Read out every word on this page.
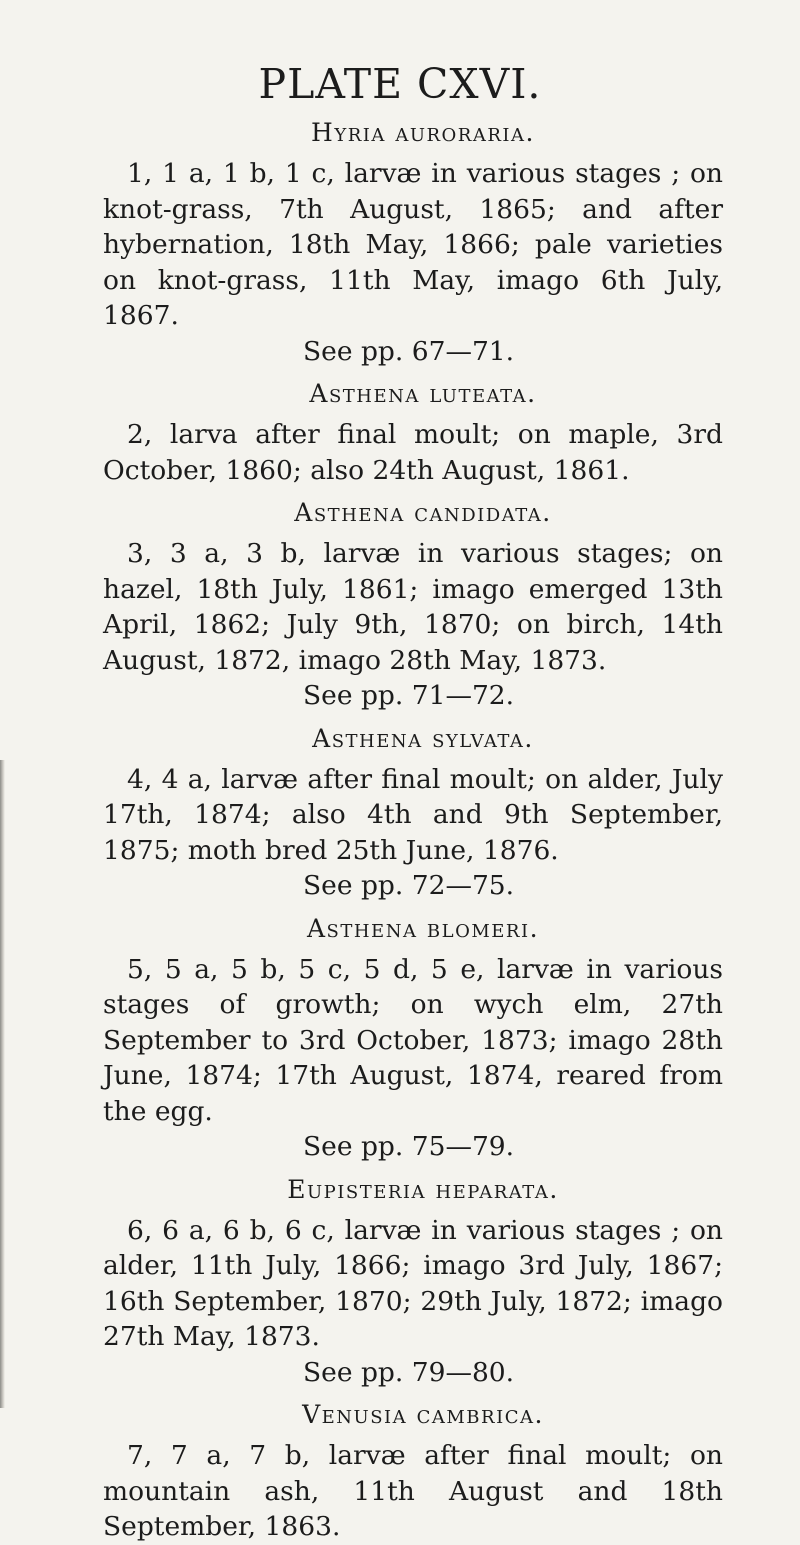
PLATE CXVI.

Hyria auroraria.

1, 1 a, 1 b, 1 c, larvæ in various stages ; on knot-grass, 7th August, 1865; and after hybernation, 18th May, 1866; pale varieties on knot-grass, 11th May, imago 6th July, 1867.

See pp. 67—71.

Asthena luteata.

2, larva after final moult; on maple, 3rd October, 1860; also 24th August, 1861.

Asthena candidata.

3, 3 a, 3 b, larvæ in various stages; on hazel, 18th July, 1861; imago emerged 13th April, 1862; July 9th, 1870; on birch, 14th August, 1872, imago 28th May, 1873.

See pp. 71—72.

Asthena sylvata.

4, 4 a, larvæ after final moult; on alder, July 17th, 1874; also 4th and 9th September, 1875; moth bred 25th June, 1876.

See pp. 72—75.

Asthena blomeri.

5, 5 a, 5 b, 5 c, 5 d, 5 e, larvæ in various stages of growth; on wych elm, 27th September to 3rd October, 1873; imago 28th June, 1874; 17th August, 1874, reared from the egg.

See pp. 75—79.

Eupisteria heparata.

6, 6 a, 6 b, 6 c, larvæ in various stages ; on alder, 11th July, 1866; imago 3rd July, 1867; 16th September, 1870; 29th July, 1872; imago 27th May, 1873.

See pp. 79—80.

Venusia cambrica.

7, 7 a, 7 b, larvæ after final moult; on mountain ash, 11th August and 18th September, 1863.
